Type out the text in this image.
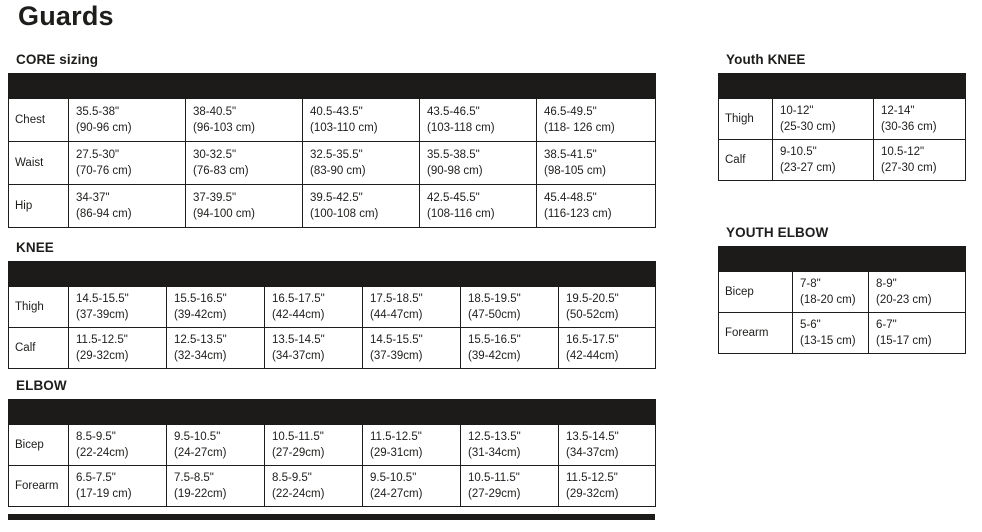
Guards
CORE sizing

Chest	
35.5-38"
(90-96 cm)

38-40.5"
(96-103 cm)

40.5-43.5"
(103-110 cm)

43.5-46.5"
(103-118 cm)

46.5-49.5"
(118- 126 cm)

Waist	
27.5-30"
(70-76 cm)

30-32.5"
(76-83 cm)

32.5-35.5"
(83-90 cm)

35.5-38.5"
(90-98 cm)

38.5-41.5"
(98-105 cm)

Hip	
34-37"
(86-94 cm)

37-39.5"
(94-100 cm)

39.5-42.5"
(100-108 cm)

42.5-45.5"
(108-116 cm)

45.4-48.5"
(116-123 cm)
KNEE

Thigh	
14.5-15.5"
(37-39cm)

15.5-16.5"
(39-42cm)

16.5-17.5"
(42-44cm)

17.5-18.5"
(44-47cm)

18.5-19.5"
(47-50cm)

19.5-20.5"
(50-52cm)

Calf	
11.5-12.5"
(29-32cm)

12.5-13.5"
(32-34cm)

13.5-14.5"
(34-37cm)

14.5-15.5"
(37-39cm)

15.5-16.5"
(39-42cm)

16.5-17.5"
(42-44cm)
ELBOW

Bicep	
8.5-9.5"
(22-24cm)

9.5-10.5"
(24-27cm)

10.5-11.5"
(27-29cm)

11.5-12.5"
(29-31cm)

12.5-13.5"
(31-34cm)

13.5-14.5"
(34-37cm)

Forearm	
6.5-7.5"
(17-19 cm)

7.5-8.5"
(19-22cm)

8.5-9.5"
(22-24cm)

9.5-10.5"
(24-27cm)

10.5-11.5"
(27-29cm)

11.5-12.5"
(29-32cm)
Youth KNEE

Thigh	
10-12"
(25-30 cm)

12-14"
(30-36 cm)

Calf	
9-10.5"
(23-27 cm)

10.5-12"
(27-30 cm)
YOUTH ELBOW

Bicep	
7-8"
(18-20 cm)

8-9"
(20-23 cm)

Forearm	
5-6"
(13-15 cm)

6-7"
(15-17 cm)
